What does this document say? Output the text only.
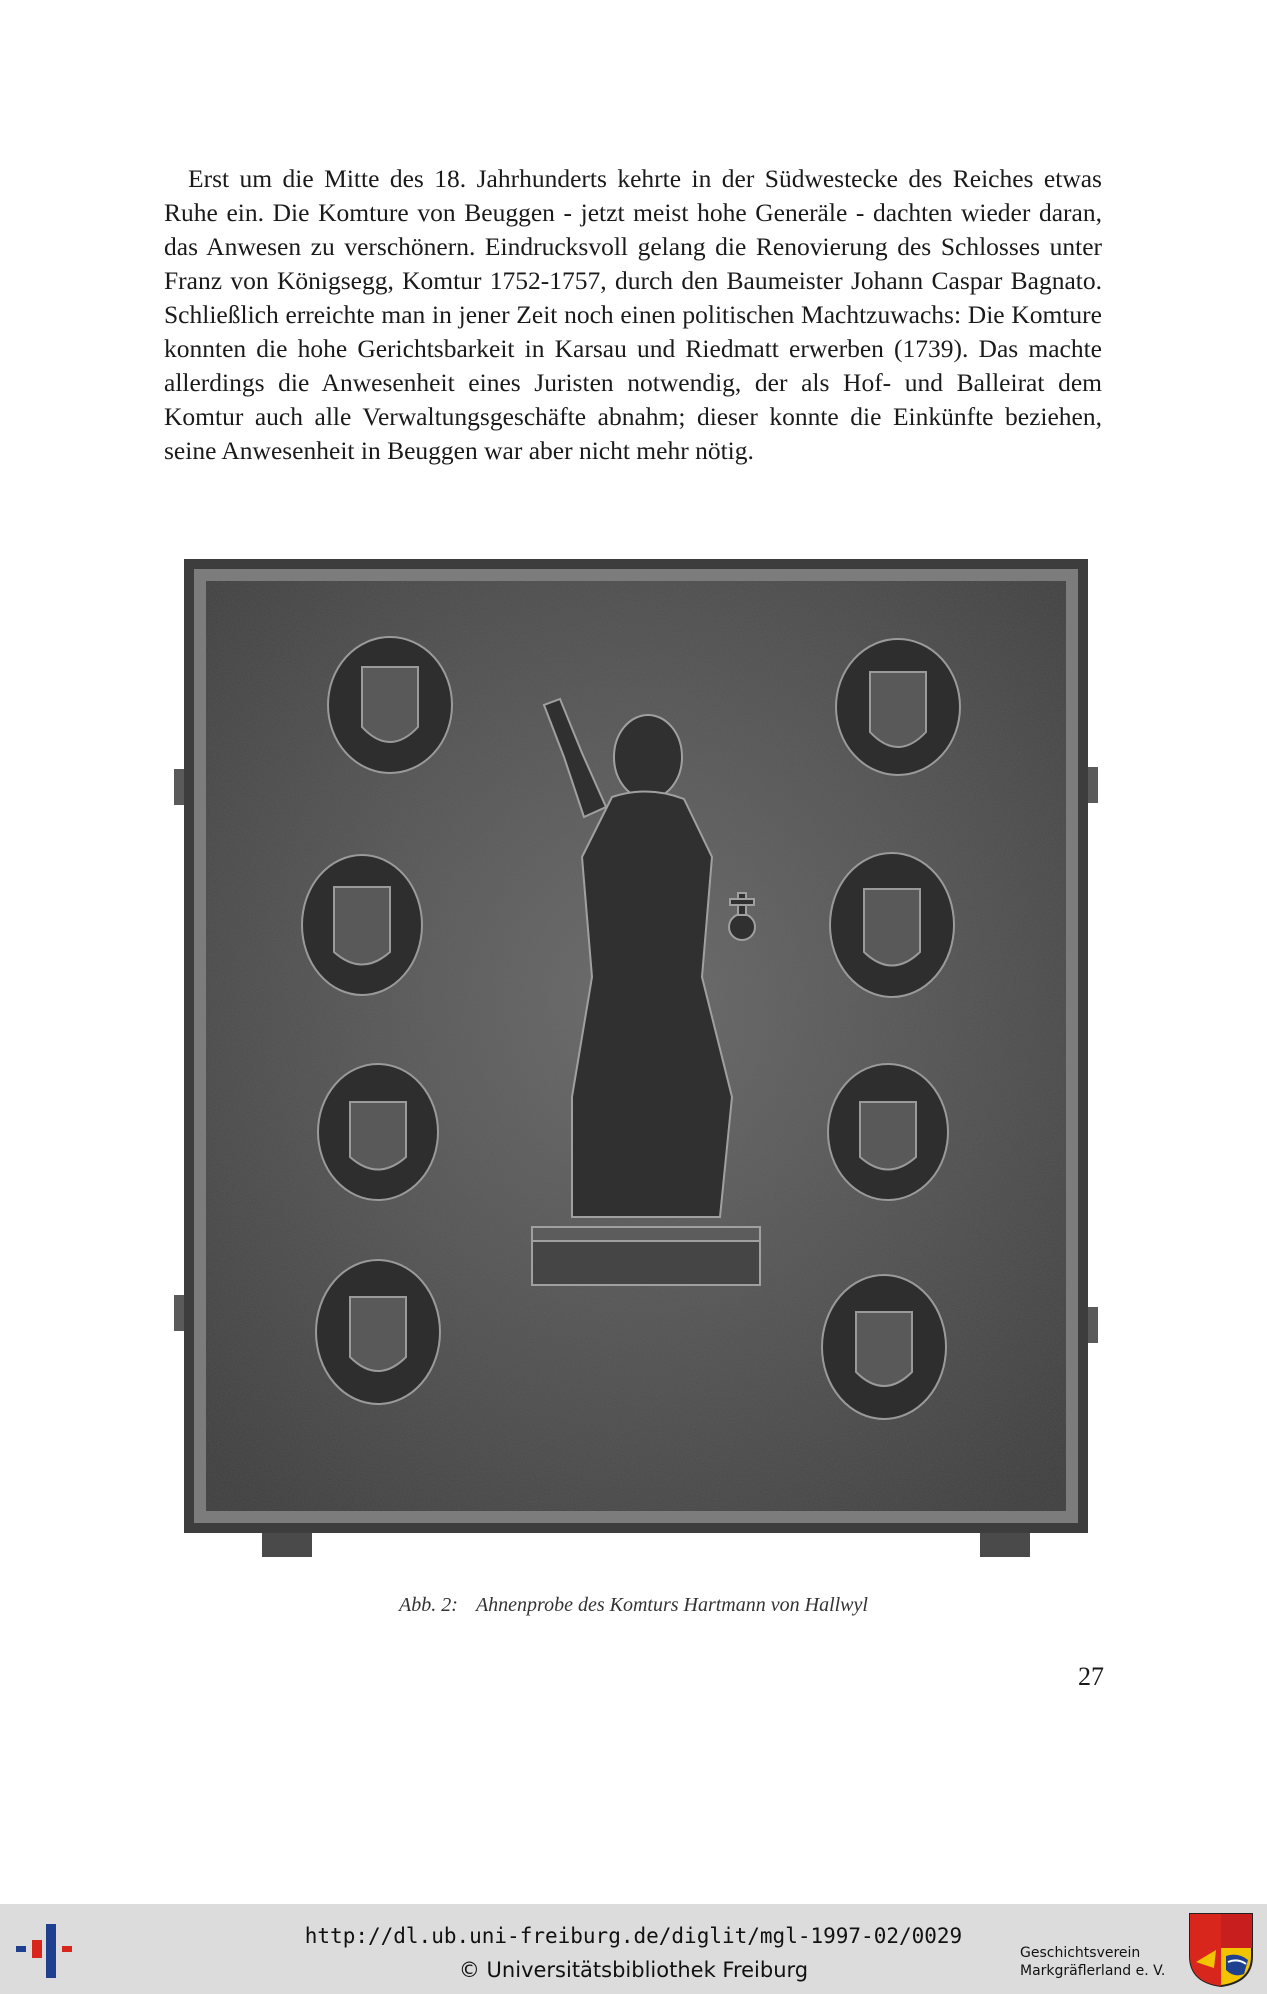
Erst um die Mitte des 18. Jahrhunderts kehrte in der Südwestecke des Reiches etwas Ruhe ein. Die Komture von Beuggen - jetzt meist hohe Generäle - dachten wieder daran, das Anwesen zu verschönern. Eindrucksvoll gelang die Renovierung des Schlosses unter Franz von Königsegg, Komtur 1752-1757, durch den Baumeister Johann Caspar Bagnato. Schließlich erreichte man in jener Zeit noch einen politischen Machtzuwachs: Die Komture konnten die hohe Gerichtsbarkeit in Karsau und Riedmatt erwerben (1739). Das machte allerdings die Anwesenheit eines Juristen notwendig, der als Hof- und Balleirat dem Komtur auch alle Verwaltungsgeschäfte abnahm; dieser konnte die Einkünfte beziehen, seine Anwesenheit in Beuggen war aber nicht mehr nötig.

Abb. 2: Ahnenprobe des Komturs Hartmann von Hallwyl
27
http://dl.ub.uni-freiburg.de/diglit/mgl-1997-02/0029
© Universitätsbibliothek Freiburg
Geschichtsverein
Markgräflerland e. V.
